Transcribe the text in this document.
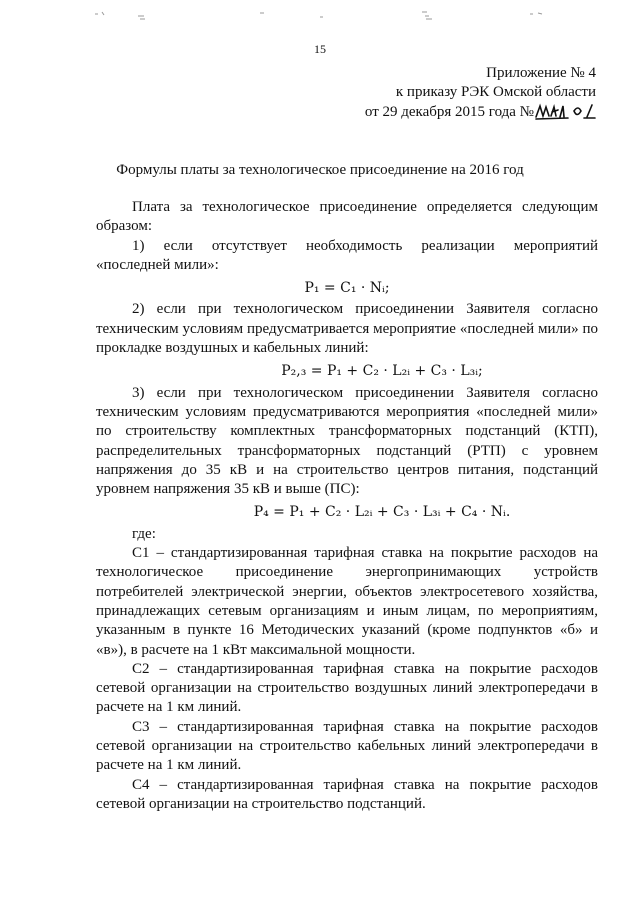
15
Приложение № 4
к приказу РЭК Омской области
от 29 декабря 2015 года №
Формулы платы за технологическое присоединение на 2016 год

Плата за технологическое присоединение определяется следующим образом:

1) если отсутствует необходимость реализации мероприятий «последней мили»:

P₁ = C₁ · Nᵢ;

2) если при технологическом присоединении Заявителя согласно техническим условиям предусматривается мероприятие «последней мили» по прокладке воздушных и кабельных линий:

P₂,₃ = P₁ + C₂ · L₂ᵢ + C₃ · L₃ᵢ;

3) если при технологическом присоединении Заявителя согласно техническим условиям предусматриваются мероприятия «последней мили» по строительству комплектных трансформаторных подстанций (КТП), распределительных трансформаторных подстанций (РТП) с уровнем напряжения до 35 кВ и на строительство центров питания, подстанций уровнем напряжения 35 кВ и выше (ПС):

P₄ = P₁ + C₂ · L₂ᵢ + C₃ · L₃ᵢ + C₄ · Nᵢ.

где:

С1 – стандартизированная тарифная ставка на покрытие расходов на технологическое присоединение энергопринимающих устройств потребителей электрической энергии, объектов электросетевого хозяйства, принадлежащих сетевым организациям и иным лицам, по мероприятиям, указанным в пункте 16 Методических указаний (кроме подпунктов «б» и «в»), в расчете на 1 кВт максимальной мощности.

С2 – стандартизированная тарифная ставка на покрытие расходов сетевой организации на строительство воздушных линий электропередачи в расчете на 1 км линий.

С3 – стандартизированная тарифная ставка на покрытие расходов сетевой организации на строительство кабельных линий электропередачи в расчете на 1 км линий.

С4 – стандартизированная тарифная ставка на покрытие расходов сетевой организации на строительство подстанций.
